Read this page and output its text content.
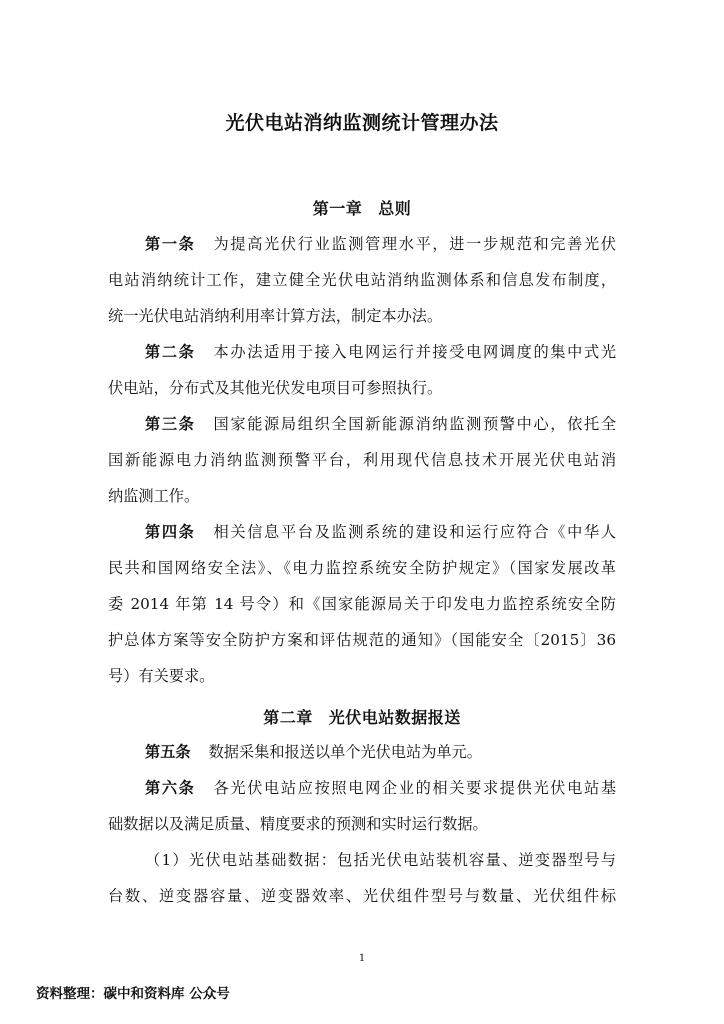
光伏电站消纳监测统计管理办法
第一章 总则
第一条 为提高光伏行业监测管理水平，进一步规范和完善光伏
电站消纳统计工作，建立健全光伏电站消纳监测体系和信息发布制度，
统一光伏电站消纳利用率计算方法，制定本办法。
第二条 本办法适用于接入电网运行并接受电网调度的集中式光
伏电站，分布式及其他光伏发电项目可参照执行。
第三条 国家能源局组织全国新能源消纳监测预警中心，依托全
国新能源电力消纳监测预警平台，利用现代信息技术开展光伏电站消
纳监测工作。
第四条 相关信息平台及监测系统的建设和运行应符合《中华人
民共和国网络安全法》、《电力监控系统安全防护规定》（国家发展改革
委 2014 年第 14 号令）和《国家能源局关于印发电力监控系统安全防
护总体方案等安全防护方案和评估规范的通知》（国能安全〔2015〕36
号）有关要求。
第二章 光伏电站数据报送
第五条 数据采集和报送以单个光伏电站为单元。
第六条 各光伏电站应按照电网企业的相关要求提供光伏电站基
础数据以及满足质量、精度要求的预测和实时运行数据。
（1）光伏电站基础数据：包括光伏电站装机容量、逆变器型号与
台数、逆变器容量、逆变器效率、光伏组件型号与数量、光伏组件标
1
资料整理：碳中和资料库 公众号
